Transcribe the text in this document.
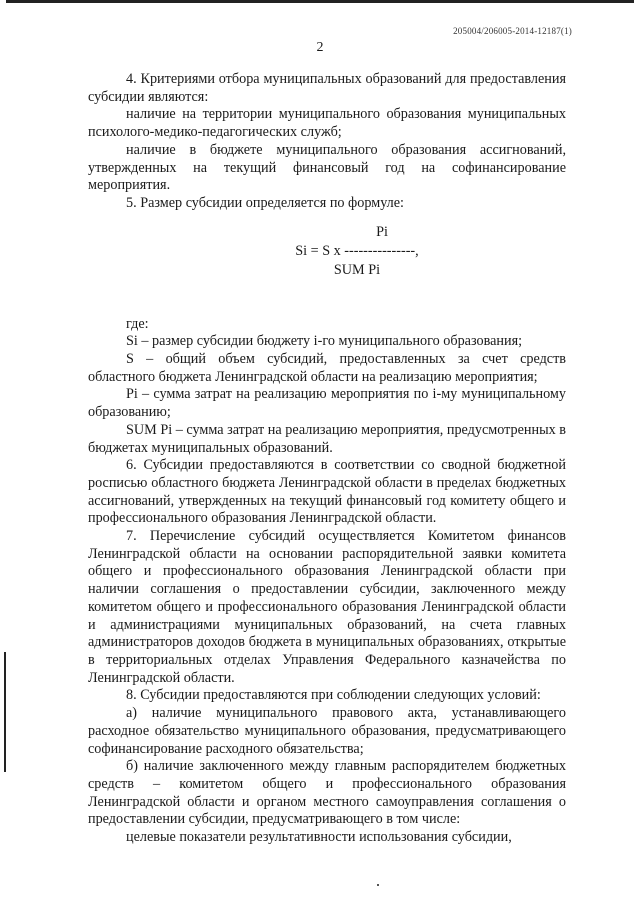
205004/206005-2014-12187(1)
2

4. Критериями отбора муниципальных образований для предоставления субсидии являются:

наличие на территории муниципального образования муниципальных психолого-медико-педагогических служб;

наличие в бюджете муниципального образования ассигнований, утвержденных на текущий финансовый год на софинансирование мероприятия.

5. Размер субсидии определяется по формуле:

Pi
Si = S x ---------------,
SUM Pi

где:

Si – размер субсидии бюджету i-го муниципального образования;

S – общий объем субсидий, предоставленных за счет средств областного бюджета Ленинградской области на реализацию мероприятия;

Pi – сумма затрат на реализацию мероприятия по i-му муниципальному образованию;

SUM Pi – сумма затрат на реализацию мероприятия, предусмотренных в бюджетах муниципальных образований.

6. Субсидии предоставляются в соответствии со сводной бюджетной росписью областного бюджета Ленинградской области в пределах бюджетных ассигнований, утвержденных на текущий финансовый год комитету общего и профессионального образования Ленинградской области.

7. Перечисление субсидий осуществляется Комитетом финансов Ленинградской области на основании распорядительной заявки комитета общего и профессионального образования Ленинградской области при наличии соглашения о предоставлении субсидии, заключенного между комитетом общего и профессионального образования Ленинградской области и администрациями муниципальных образований, на счета главных администраторов доходов бюджета в муниципальных образованиях, открытые в территориальных отделах Управления Федерального казначейства по Ленинградской области.

8. Субсидии предоставляются при соблюдении следующих условий:

а) наличие муниципального правового акта, устанавливающего расходное обязательство муниципального образования, предусматривающего софинансирование расходного обязательства;

б) наличие заключенного между главным распорядителем бюджетных средств – комитетом общего и профессионального образования Ленинградской области и органом местного самоуправления соглашения о предоставлении субсидии, предусматривающего в том числе:

целевые показатели результативности использования субсидии,
